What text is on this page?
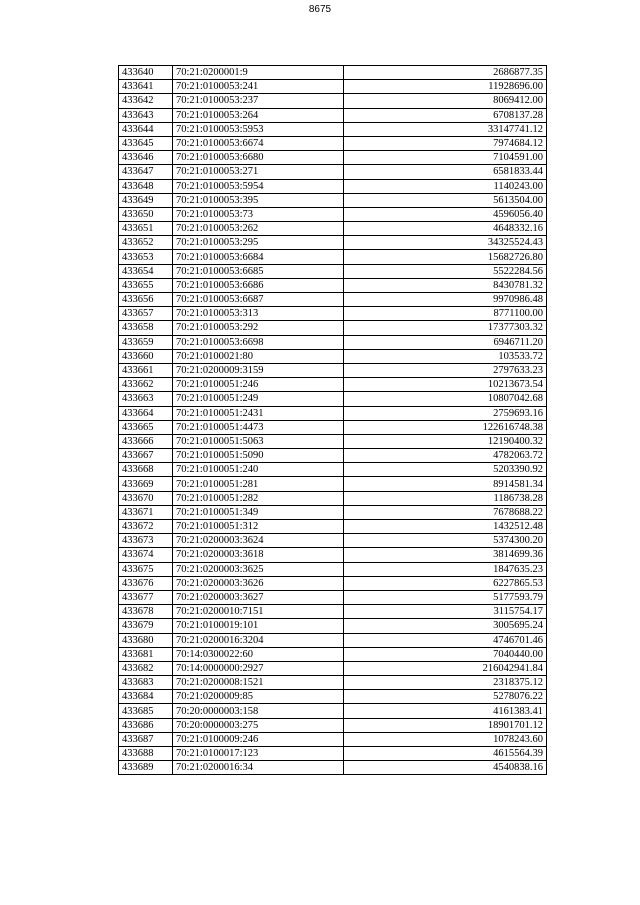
8675
433640	70:21:0200001:9	2686877.35
433641	70:21:0100053:241	11928696.00
433642	70:21:0100053:237	8069412.00
433643	70:21:0100053:264	6708137.28
433644	70:21:0100053:5953	33147741.12
433645	70:21:0100053:6674	7974684.12
433646	70:21:0100053:6680	7104591.00
433647	70:21:0100053:271	6581833.44
433648	70:21:0100053:5954	1140243.00
433649	70:21:0100053:395	5613504.00
433650	70:21:0100053:73	4596056.40
433651	70:21:0100053:262	4648332.16
433652	70:21:0100053:295	34325524.43
433653	70:21:0100053:6684	15682726.80
433654	70:21:0100053:6685	5522284.56
433655	70:21:0100053:6686	8430781.32
433656	70:21:0100053:6687	9970986.48
433657	70:21:0100053:313	8771100.00
433658	70:21:0100053:292	17377303.32
433659	70:21:0100053:6698	6946711.20
433660	70:21:0100021:80	103533.72
433661	70:21:0200009:3159	2797633.23
433662	70:21:0100051:246	10213673.54
433663	70:21:0100051:249	10807042.68
433664	70:21:0100051:2431	2759693.16
433665	70:21:0100051:4473	122616748.38
433666	70:21:0100051:5063	12190400.32
433667	70:21:0100051:5090	4782063.72
433668	70:21:0100051:240	5203390.92
433669	70:21:0100051:281	8914581.34
433670	70:21:0100051:282	1186738.28
433671	70:21:0100051:349	7678688.22
433672	70:21:0100051:312	1432512.48
433673	70:21:0200003:3624	5374300.20
433674	70:21:0200003:3618	3814699.36
433675	70:21:0200003:3625	1847635.23
433676	70:21:0200003:3626	6227865.53
433677	70:21:0200003:3627	5177593.79
433678	70:21:0200010:7151	3115754.17
433679	70:21:0100019:101	3005695.24
433680	70:21:0200016:3204	4746701.46
433681	70:14:0300022:60	7040440.00
433682	70:14:0000000:2927	216042941.84
433683	70:21:0200008:1521	2318375.12
433684	70:21:0200009:85	5278076.22
433685	70:20:0000003:158	4161383.41
433686	70:20:0000003:275	18901701.12
433687	70:21:0100009:246	1078243.60
433688	70:21:0100017:123	4615564.39
433689	70:21:0200016:34	4540838.16
